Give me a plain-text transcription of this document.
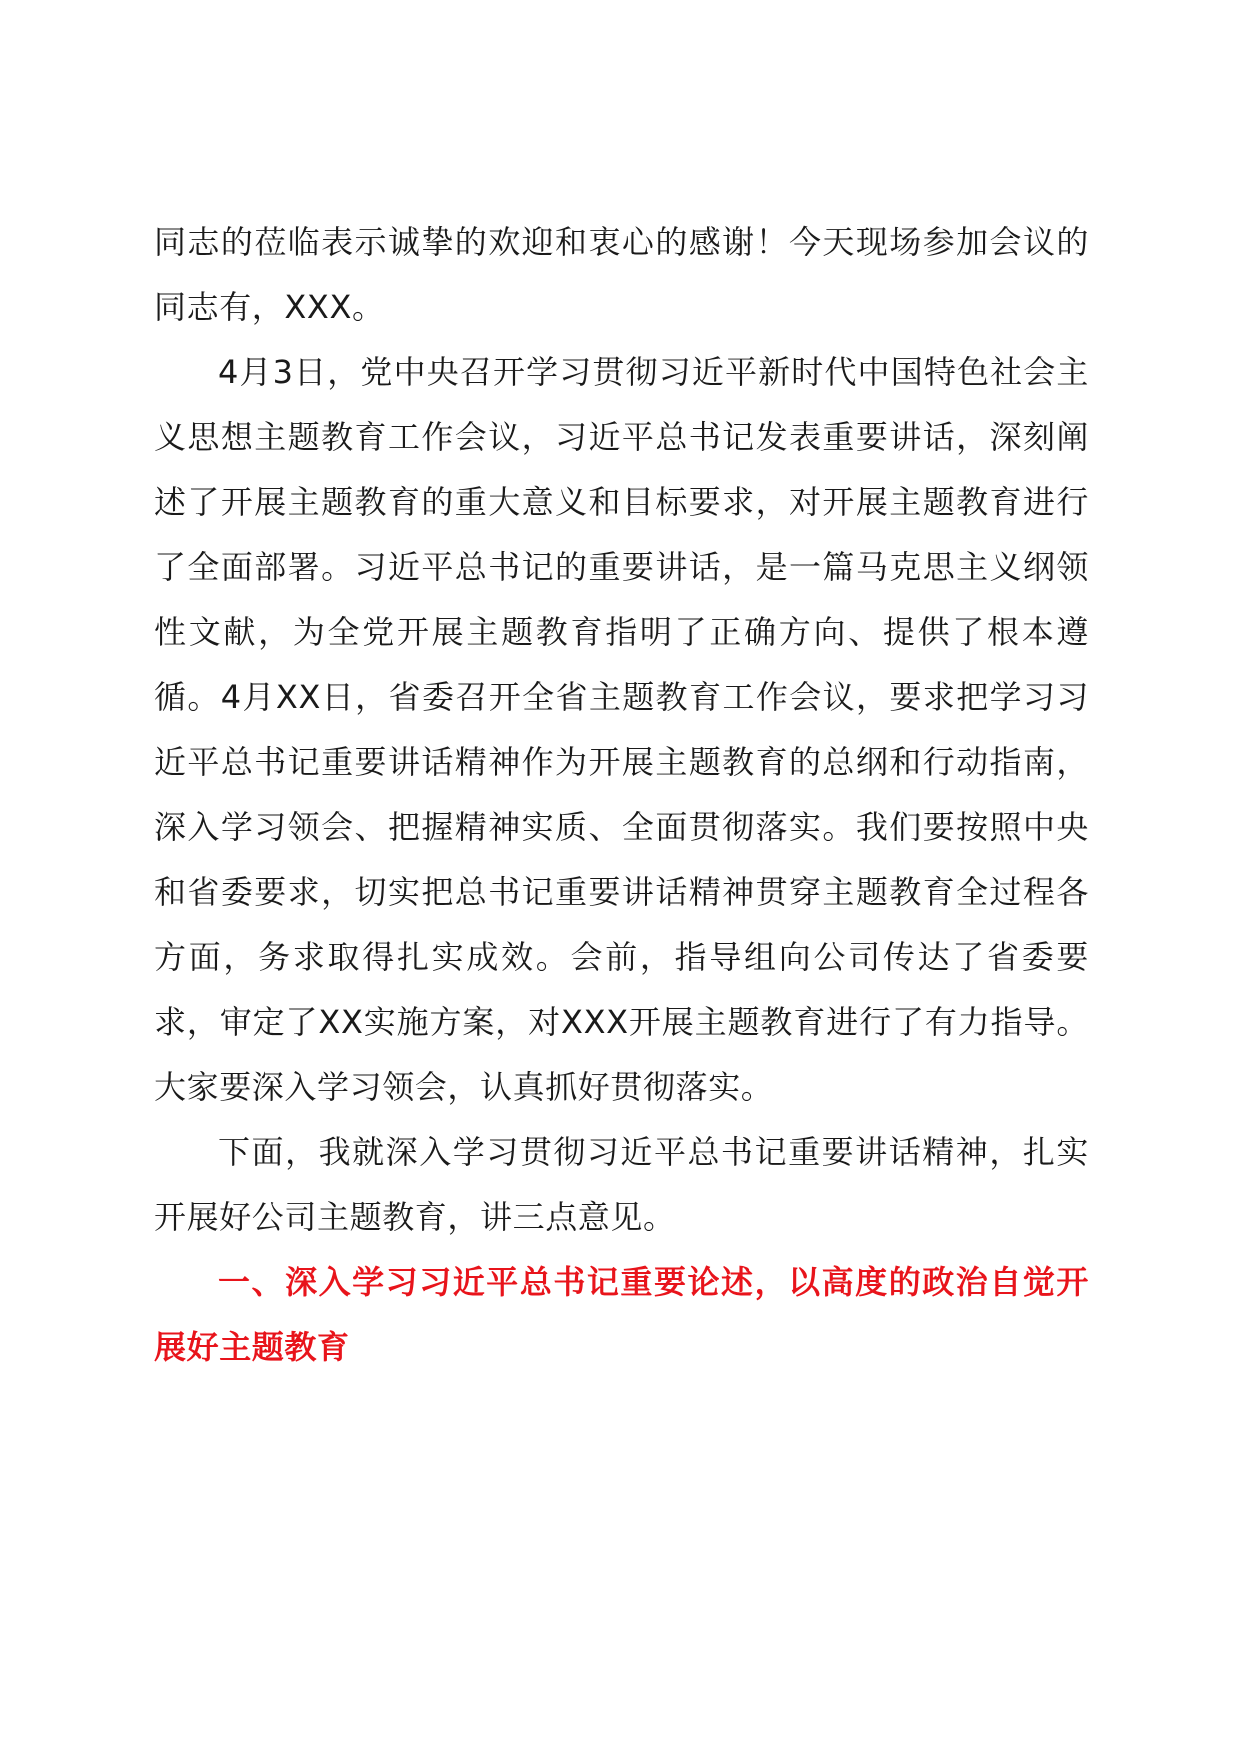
同志的莅临表示诚挚的欢迎和衷心的感谢！今天现场参加会议的同志有，XXX。

4月3日，党中央召开学习贯彻习近平新时代中国特色社会主义思想主题教育工作会议，习近平总书记发表重要讲话，深刻阐述了开展主题教育的重大意义和目标要求，对开展主题教育进行了全面部署。习近平总书记的重要讲话，是一篇马克思主义纲领性文献，为全党开展主题教育指明了正确方向、提供了根本遵循。4月XX日，省委召开全省主题教育工作会议，要求把学习习近平总书记重要讲话精神作为开展主题教育的总纲和行动指南，深入学习领会、把握精神实质、全面贯彻落实。我们要按照中央和省委要求，切实把总书记重要讲话精神贯穿主题教育全过程各方面，务求取得扎实成效。会前，指导组向公司传达了省委要求，审定了XX实施方案，对XXX开展主题教育进行了有力指导。大家要深入学习领会，认真抓好贯彻落实。

下面，我就深入学习贯彻习近平总书记重要讲话精神，扎实开展好公司主题教育，讲三点意见。

一、深入学习习近平总书记重要论述，以高度的政治自觉开展好主题教育
